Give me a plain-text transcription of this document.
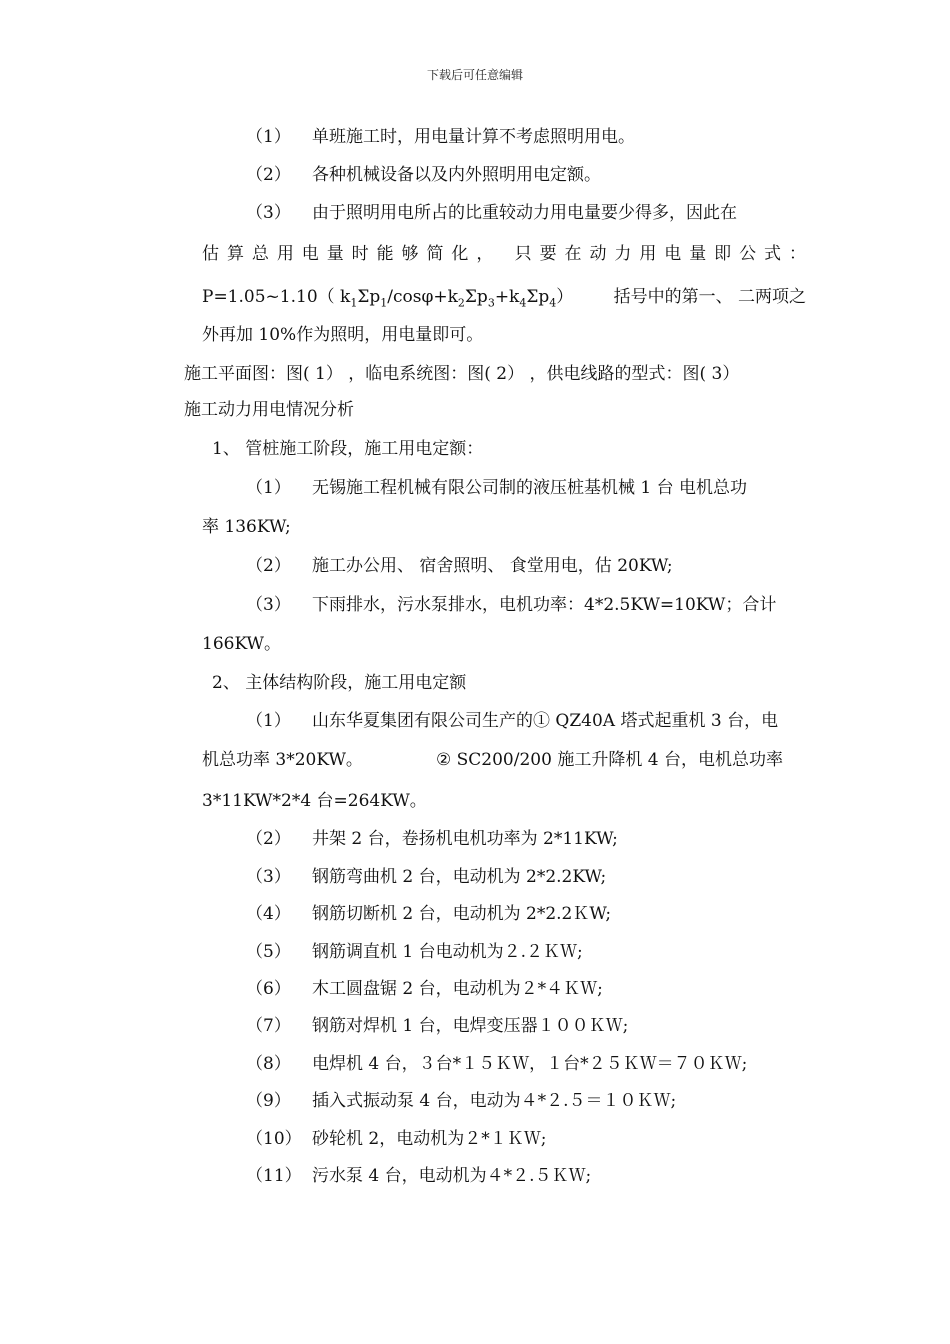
下载后可任意编辑
（1） 单班施工时，用电量计算不考虑照明用电。
（2） 各种机械设备以及内外照明用电定额。
（3） 由于照明用电所占的比重较动力用电量要少得多，因此在
估算总用电量时能够简化， 只要在动力用电量即公式：
P=1.05~1.10（ $k_1\Sigma p_1/\cos\varphi+k_2\Sigma p_3+k_4\Sigma p_4$） 括号中的第一、 二两项之
外再加 10%作为照明，用电量即可。
施工平面图：图( 1） ，临电系统图：图( 2） ，供电线路的型式：图( 3）
施工动力用电情况分析
1、 管桩施工阶段，施工用电定额：
（1） 无锡施工程机械有限公司制的液压桩基机械 1 台 电机总功
率 136KW;
（2） 施工办公用、 宿舍照明、 食堂用电，估 20KW;
（3） 下雨排水，污水泵排水，电机功率：4*2.5KW=10KW；合计
166KW。
2、 主体结构阶段，施工用电定额
（1） 山东华夏集团有限公司生产的① QZ40A 塔式起重机 3 台，电
机总功率 3*20KW。	② SC200/200 施工升降机 4 台，电机总功率
3*11KW*2*4 台=264KW。
（2） 井架 2 台，卷扬机电机功率为 2*11KW;
（3） 钢筋弯曲机 2 台，电动机为 2*2.2KW;
（4） 钢筋切断机 2 台，电动机为 2*2.2ＫW;
（5） 钢筋调直机 1 台电动机为２.２ＫＷ;
（6） 木工圆盘锯 2 台，电动机为２*４ＫＷ;
（7） 钢筋对焊机 1 台，电焊变压器１００ＫＷ;
（8） 电焊机 4 台，３台*１５ＫＷ，１台*２５ＫＷ＝７０ＫＷ;
（9） 插入式振动泵 4 台，电动为４*２.５＝１０ＫＷ;
（10） 砂轮机 2，电动机为２*１ＫＷ;
（11） 污水泵 4 台，电动机为４*２.５ＫＷ;
